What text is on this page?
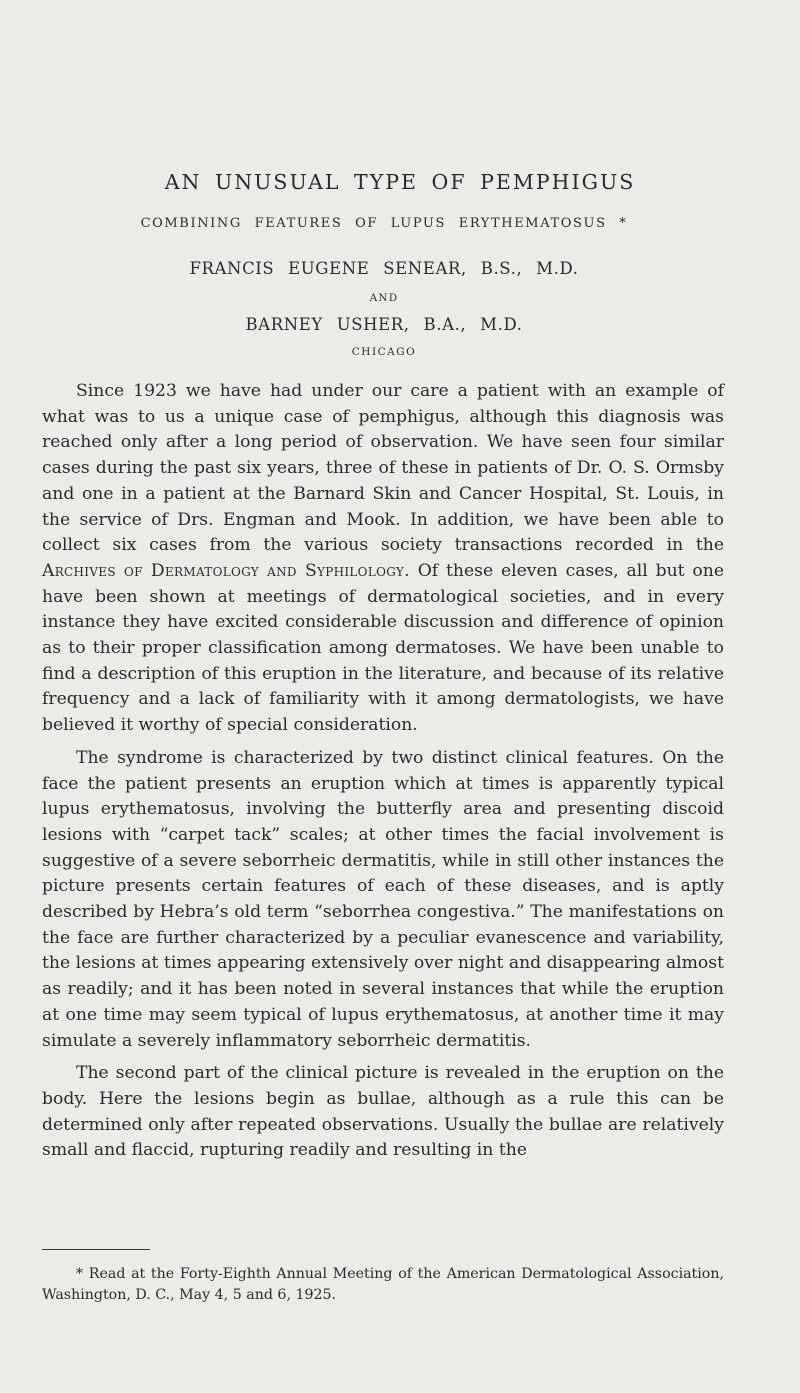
AN UNUSUAL TYPE OF PEMPHIGUS
COMBINING FEATURES OF LUPUS ERYTHEMATOSUS *
FRANCIS EUGENE SENEAR, B.S., M.D.
AND
BARNEY USHER, B.A., M.D.
CHICAGO

Since 1923 we have had under our care a patient with an example of what was to us a unique case of pemphigus, although this diagnosis was reached only after a long period of observation. We have seen four similar cases during the past six years, three of these in patients of Dr. O. S. Ormsby and one in a patient at the Barnard Skin and Cancer Hospital, St. Louis, in the service of Drs. Engman and Mook. In addition, we have been able to collect six cases from the various society transactions recorded in the Archives of Dermatology and Syphilology. Of these eleven cases, all but one have been shown at meetings of dermatological societies, and in every instance they have excited considerable discussion and difference of opinion as to their proper classification among dermatoses. We have been unable to find a description of this eruption in the literature, and because of its relative frequency and a lack of familiarity with it among dermatologists, we have believed it worthy of special consideration.

The syndrome is characterized by two distinct clinical features. On the face the patient presents an eruption which at times is apparently typical lupus erythematosus, involving the butterfly area and presenting discoid lesions with “carpet tack” scales; at other times the facial involvement is suggestive of a severe seborrheic dermatitis, while in still other instances the picture presents certain features of each of these diseases, and is aptly described by Hebra’s old term “seborrhea congestiva.” The manifestations on the face are further characterized by a peculiar evanescence and variability, the lesions at times appearing extensively over night and disappearing almost as readily; and it has been noted in several instances that while the eruption at one time may seem typical of lupus erythematosus, at another time it may simulate a severely inflammatory seborrheic dermatitis.

The second part of the clinical picture is revealed in the eruption on the body. Here the lesions begin as bullae, although as a rule this can be determined only after repeated observations. Usually the bullae are relatively small and flaccid, rupturing readily and resulting in the

* Read at the Forty-Eighth Annual Meeting of the American Dermatological Association, Washington, D. C., May 4, 5 and 6, 1925.
